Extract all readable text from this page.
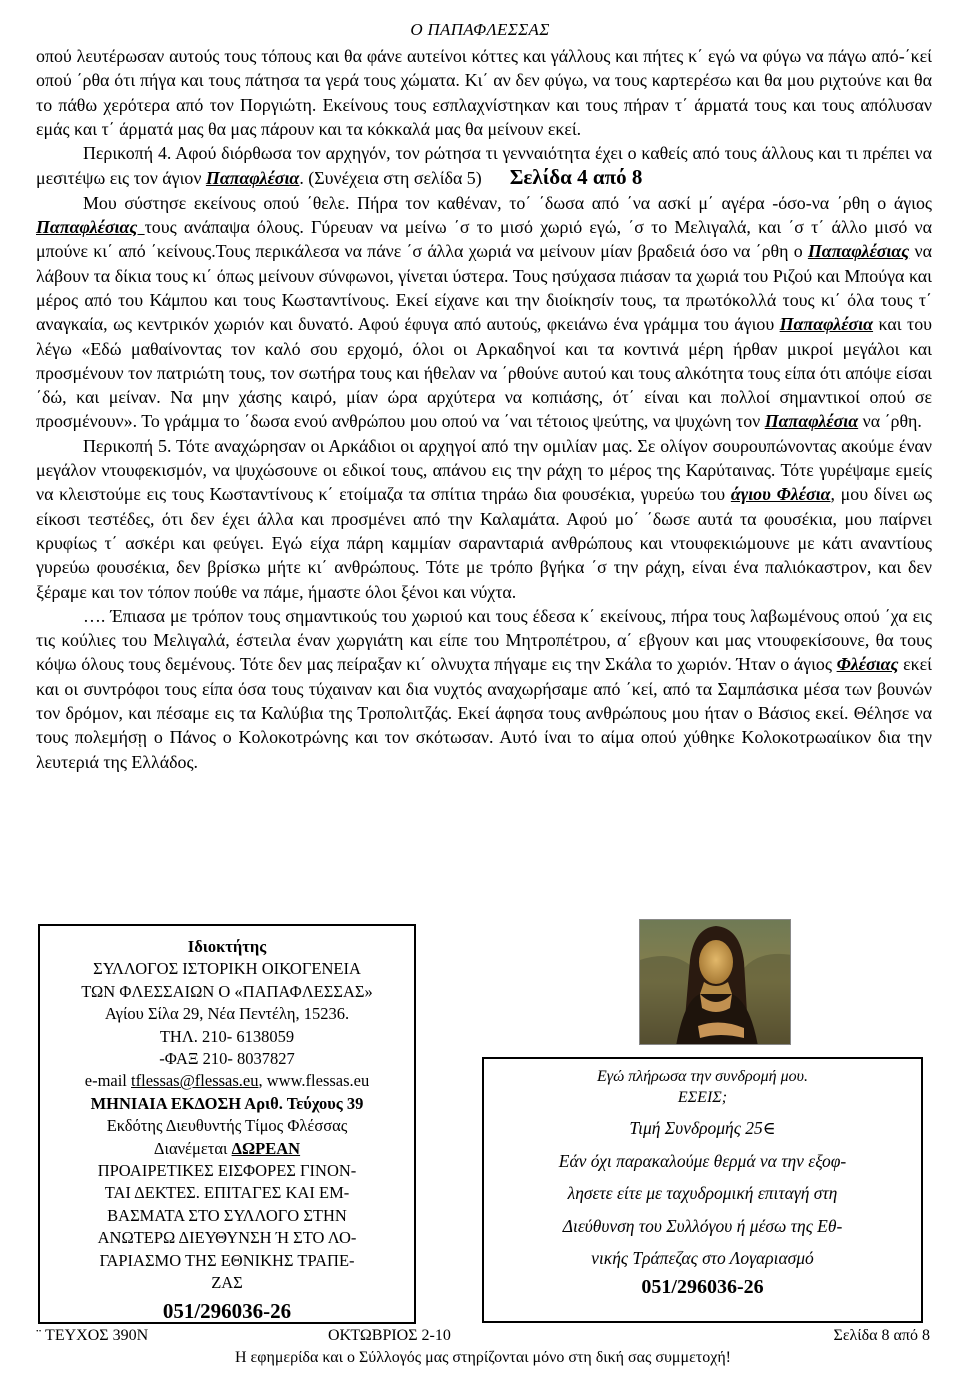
Ο ΠΑΠΑΦΛΕΣΣΑΣ

οπού λευτέρωσαν αυτούς τους τόπους και θα φάνε αυτείνοι κόττες και γάλλους και πήτες κ΄ εγώ να φύγω να πάγω από-΄κεί οπού ΄ρθα ότι πήγα και τους πάτησα τα γερά τους χώματα. Κι΄ αν δεν φύγω, να τους καρτερέσω και θα μου ριχτούνε και θα το πάθω χερότερα από τον Ποργιώτη. Εκείνους τους εσπλαχνίστηκαν και τους πήραν τ΄ άρματά τους και τους απόλυσαν εμάς και τ΄ άρματά μας θα μας πάρουν και τα κόκκαλά μας θα μείνουν εκεί.

Περικοπή 4. Αφού διόρθωσα τον αρχηγόν, τον ρώτησα τι γενναιότητα έχει ο καθείς από τους άλλους και τι πρέπει να μεσιτέψω εις τον άγιον Παπαφλέσια. (Συνέχεια στη σελίδα 5) Σελίδα 4 από 8

Μου σύστησε εκείνους οπού ΄θελε. Πήρα τον καθέναν, το΄ ΄δωσα από ΄να ασκί μ΄ αγέρα -όσο-να ΄ρθη ο άγιος Παπαφλέσιας τους ανάπαψα όλους. Γύρευαν να μείνω ΄σ το μισό χωριό εγώ, ΄σ το Μελιγαλά, και ΄σ τ΄ άλλο μισό να μπούνε κι΄ από ΄κείνους.Τους περικάλεσα να πάνε ΄σ άλλα χωριά να μείνουν μίαν βραδειά όσο να ΄ρθη ο Παπαφλέσιας να λάβουν τα δίκια τους κι΄ όπως μείνουν σύνφωνοι, γίνεται ύστερα. Τους ησύχασα πιάσαν τα χωριά του Ριζού και Μπούγα και μέρος από του Κάμπου και τους Κωσταντίνους. Εκεί είχανε και την διοίκησίν τους, τα πρωτόκολλά τους κι΄ όλα τους τ΄ αναγκαία, ως κεντρικόν χωριόν και δυνατό. Αφού έφυγα από αυτούς, φκειάνω ένα γράμμα του άγιου Παπαφλέσια και του λέγω «Εδώ μαθαίνοντας τον καλό σου ερχομό, όλοι οι Αρκαδηνοί και τα κοντινά μέρη ήρθαν μικροί μεγάλοι και προσμένουν τον πατριώτη τους, τον σωτήρα τους και ήθελαν να ΄ρθούνε αυτού και τους αλκότητα τους είπα ότι απόψε είσαι ΄δώ, και μείναν. Να μην χάσης καιρό, μίαν ώρα αρχύτερα να κοπιάσης, ότ΄ είναι και πολλοί σημαντικοί οπού σε προσμένουν». Το γράμμα το ΄δωσα ενού ανθρώπου μου οπού να ΄ναι τέτοιος ψεύτης, να ψυχώνη τον Παπαφλέσια να ΄ρθη.

Περικοπή 5. Τότε αναχώρησαν οι Αρκάδιοι οι αρχηγοί από την ομιλίαν μας. Σε ολίγον σουρουπώνοντας ακούμε έναν μεγάλον ντουφεκισμόν, να ψυχώσουνε οι εδικοί τους, απάνου εις την ράχη το μέρος της Καρύταινας. Τότε γυρέψαμε εμείς να κλειστούμε εις τους Κωσταντίνους κ΄ ετοίμαζα τα σπίτια τηράω δια φουσέκια, γυρεύω του άγιου Φλέσια, μου δίνει ως είκοσι τεστέδες, ότι δεν έχει άλλα και προσμένει από την Καλαμάτα. Αφού μο΄ ΄δωσε αυτά τα φουσέκια, μου παίρνει κρυφίως τ΄ ασκέρι και φεύγει. Εγώ είχα πάρη καμμίαν σαρανταριά ανθρώπους και ντουφεκιώμουνε με κάτι αναντίους γυρεύω φουσέκια, δεν βρίσκω μήτε κι΄ ανθρώπους. Τότε με τρόπο βγήκα ΄σ την ράχη, είναι ένα παλιόκαστρον, και δεν ξέραμε και τον τόπον πούθε να πάμε, ήμαστε όλοι ξένοι και νύχτα.

…. Έπιασα με τρόπον τους σημαντικούς του χωριού και τους έδεσα κ΄ εκείνους, πήρα τους λαβωμένους οπού ΄χα εις τις κούλιες του Μελιγαλά, έστειλα έναν χωργιάτη και είπε του Μητροπέτρου, α΄ εβγουν και μας ντουφεκίσουνε, θα τους κόψω όλους τους δεμένους. Τότε δεν μας πείραξαν κι΄ ολνυχτα πήγαμε εις την Σκάλα το χωριόν. Ήταν ο άγιος Φλέσιας εκεί και οι συντρόφοι τους είπα όσα τους τύχαιναν και δια νυχτός αναχωρήσαμε από ΄κεί, από τα Σαμπάσικα μέσα των βουνών τον δρόμον, και πέσαμε εις τα Καλύβια της Τροπολιτζάς. Εκεί άφησα τους ανθρώπους μου ήταν ο Βάσιος εκεί. Θέλησε να τους πολεμήσῃ ο Πάνος ο Κολοκοτρώνης και τον σκότωσαν. Αυτό ίναι το αίμα οπού χύθηκε Κολοκοτρωαίικον δια την λευτεριά της Ελλάδος.

Ιδιοκτήτης
ΣΥΛΛΟΓΟΣ ΙΣΤΟΡΙΚΗ ΟΙΚΟΓΕΝΕΙΑ
ΤΩΝ ΦΛΕΣΣΑΙΩΝ Ο «ΠΑΠΑΦΛΕΣΣΑΣ»
Αγίου Σίλα 29, Νέα Πεντέλη, 15236.
ΤΗΛ. 210- 6138059
-ΦΑΞ 210- 8037827
e-mail tflessas@flessas.eu, www.flessas.eu
ΜΗΝΙΑΙΑ ΕΚΔΟΣΗ Αριθ. Τεύχους 39
Εκδότης Διευθυντής Τίμος Φλέσσας
Διανέμεται ΔΩΡΕΑΝ
ΠΡΟΑΙΡΕΤΙΚΕΣ ΕΙΣΦΟΡΕΣ ΓΙΝΟΝ-
ΤΑΙ ΔΕΚΤΕΣ. ΕΠΙΤΑΓΕΣ ΚΑΙ ΕΜ-
ΒΑΣΜΑΤΑ ΣΤΟ ΣΥΛΛΟΓΟ ΣΤΗΝ
ΑΝΩΤΕΡΩ ΔΙΕΥΘΥΝΣΗ Ή ΣΤΟ ΛΟ-
ΓΑΡΙΑΣΜΟ ΤΗΣ ΕΘΝΙΚΗΣ ΤΡΑΠΕ-
ΖΑΣ
051/296036-26
Εγώ πλήρωσα την συνδρομή μου.
ΕΣΕΙΣ;
Τιμή Συνδρομής 25∈
Εάν όχι παρακαλούμε θερμά να την εξοφ-
λησετε είτε με ταχυδρομική επιταγή στη
Διεύθυνση του Συλλόγου ή μέσω της Εθ-
νικής Τράπεζας στο Λογαριασμό
051/296036-26
¨ ΤΕΥΧΟΣ 390Ν	ΟΚΤΩΒΡΙΟΣ 2-10	Σελίδα 8 από 8
Η εφημερίδα και ο Σύλλογός μας στηρίζονται μόνο στη δική σας συμμετοχή!
